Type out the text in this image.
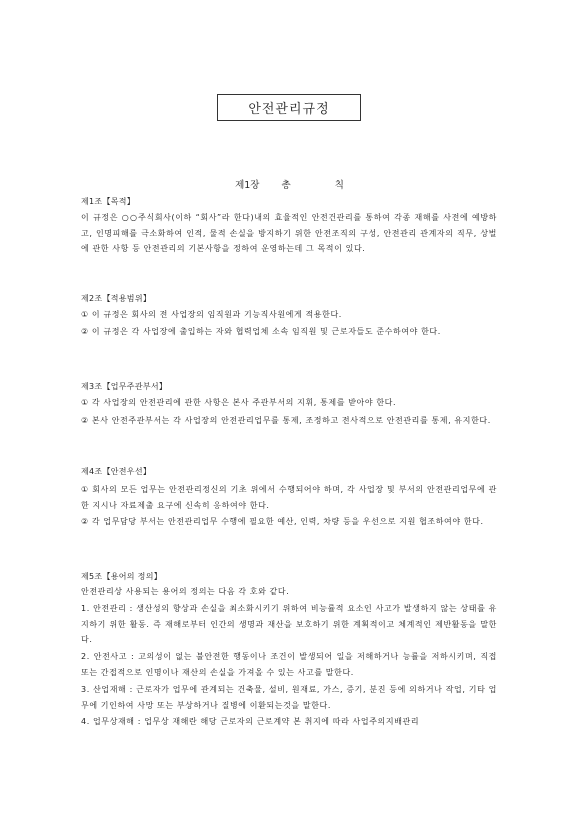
안전관리규정
제1장  총    칙
제1조【목적】
이 규정은 ○○주식회사(이하 “회사”라 한다)내의 효율적인 안전건관리를 통하여 각종 재해를 사전에 예방하고, 인명피해를 극소화하여 인적, 물적 손실을 방지하기 위한 안전조직의 구성, 안전관리 관계자의 직무, 상벌에 관한 사항 등 안전관리의 기본사항을 정하여 운영하는데 그 목적이 있다.
제2조【적용범위】
① 이 규정은 회사의 전 사업장의 임직원과 기능직사원에게 적용한다.
② 이 규정은 각 사업장에 출입하는 자와 협력업체 소속 임직원 및 근로자들도 준수하여야 한다.
제3조【업무주관부서】
① 각 사업장의 안전관리에 관한 사항은 본사 주관부서의 지휘, 통제를 받아야 한다.
② 본사 안전주관부서는 각 사업장의 안전관리업무를 통제, 조정하고 전사적으로 안전관리를 통제, 유지한다.
제4조【안전우선】
① 회사의 모든 업무는 안전관리정신의 기초 위에서 수행되어야 하며, 각 사업장 및 부서의 안전관리업무에 관한 지시나 자료제출 요구에 신속히 응하여야 한다.
② 각 업무담당 부서는 안전관리업무 수행에 필요한 예산, 인력, 차량 등을 우선으로 지원 협조하여야 한다.
제5조【용어의 정의】
안전관리상 사용되는 용어의 정의는 다음 각 호와 같다.
1. 안전관리 : 생산성의 향상과 손실을 최소화시키기 위하여 비능률적 요소인 사고가 발생하지 않는 상태를 유지하기 위한 활동. 즉 재해로부터 인간의 생명과 재산을 보호하기 위한 계획적이고 체계적인 제반활동을 말한다.
2. 안전사고 : 고의성이 없는 불안전한 행동이나 조건이 발생되어 일을 저해하거나 능률을 저하시키며, 직접 또는 간접적으로 인명이나 재산의 손실을 가져올 수 있는 사고를 말한다.
3. 산업재해 : 근로자가 업무에 관계되는 건축물, 설비, 원재료, 가스, 증기, 분진 등에 의하거나 작업, 기타 업무에 기인하여 사망 또는 부상하거나 질병에 이환되는것을 말한다.
4. 업무상재해 : 업무상 재해란 해당 근로자의 근로계약 본 취지에 따라 사업주의지배관리
